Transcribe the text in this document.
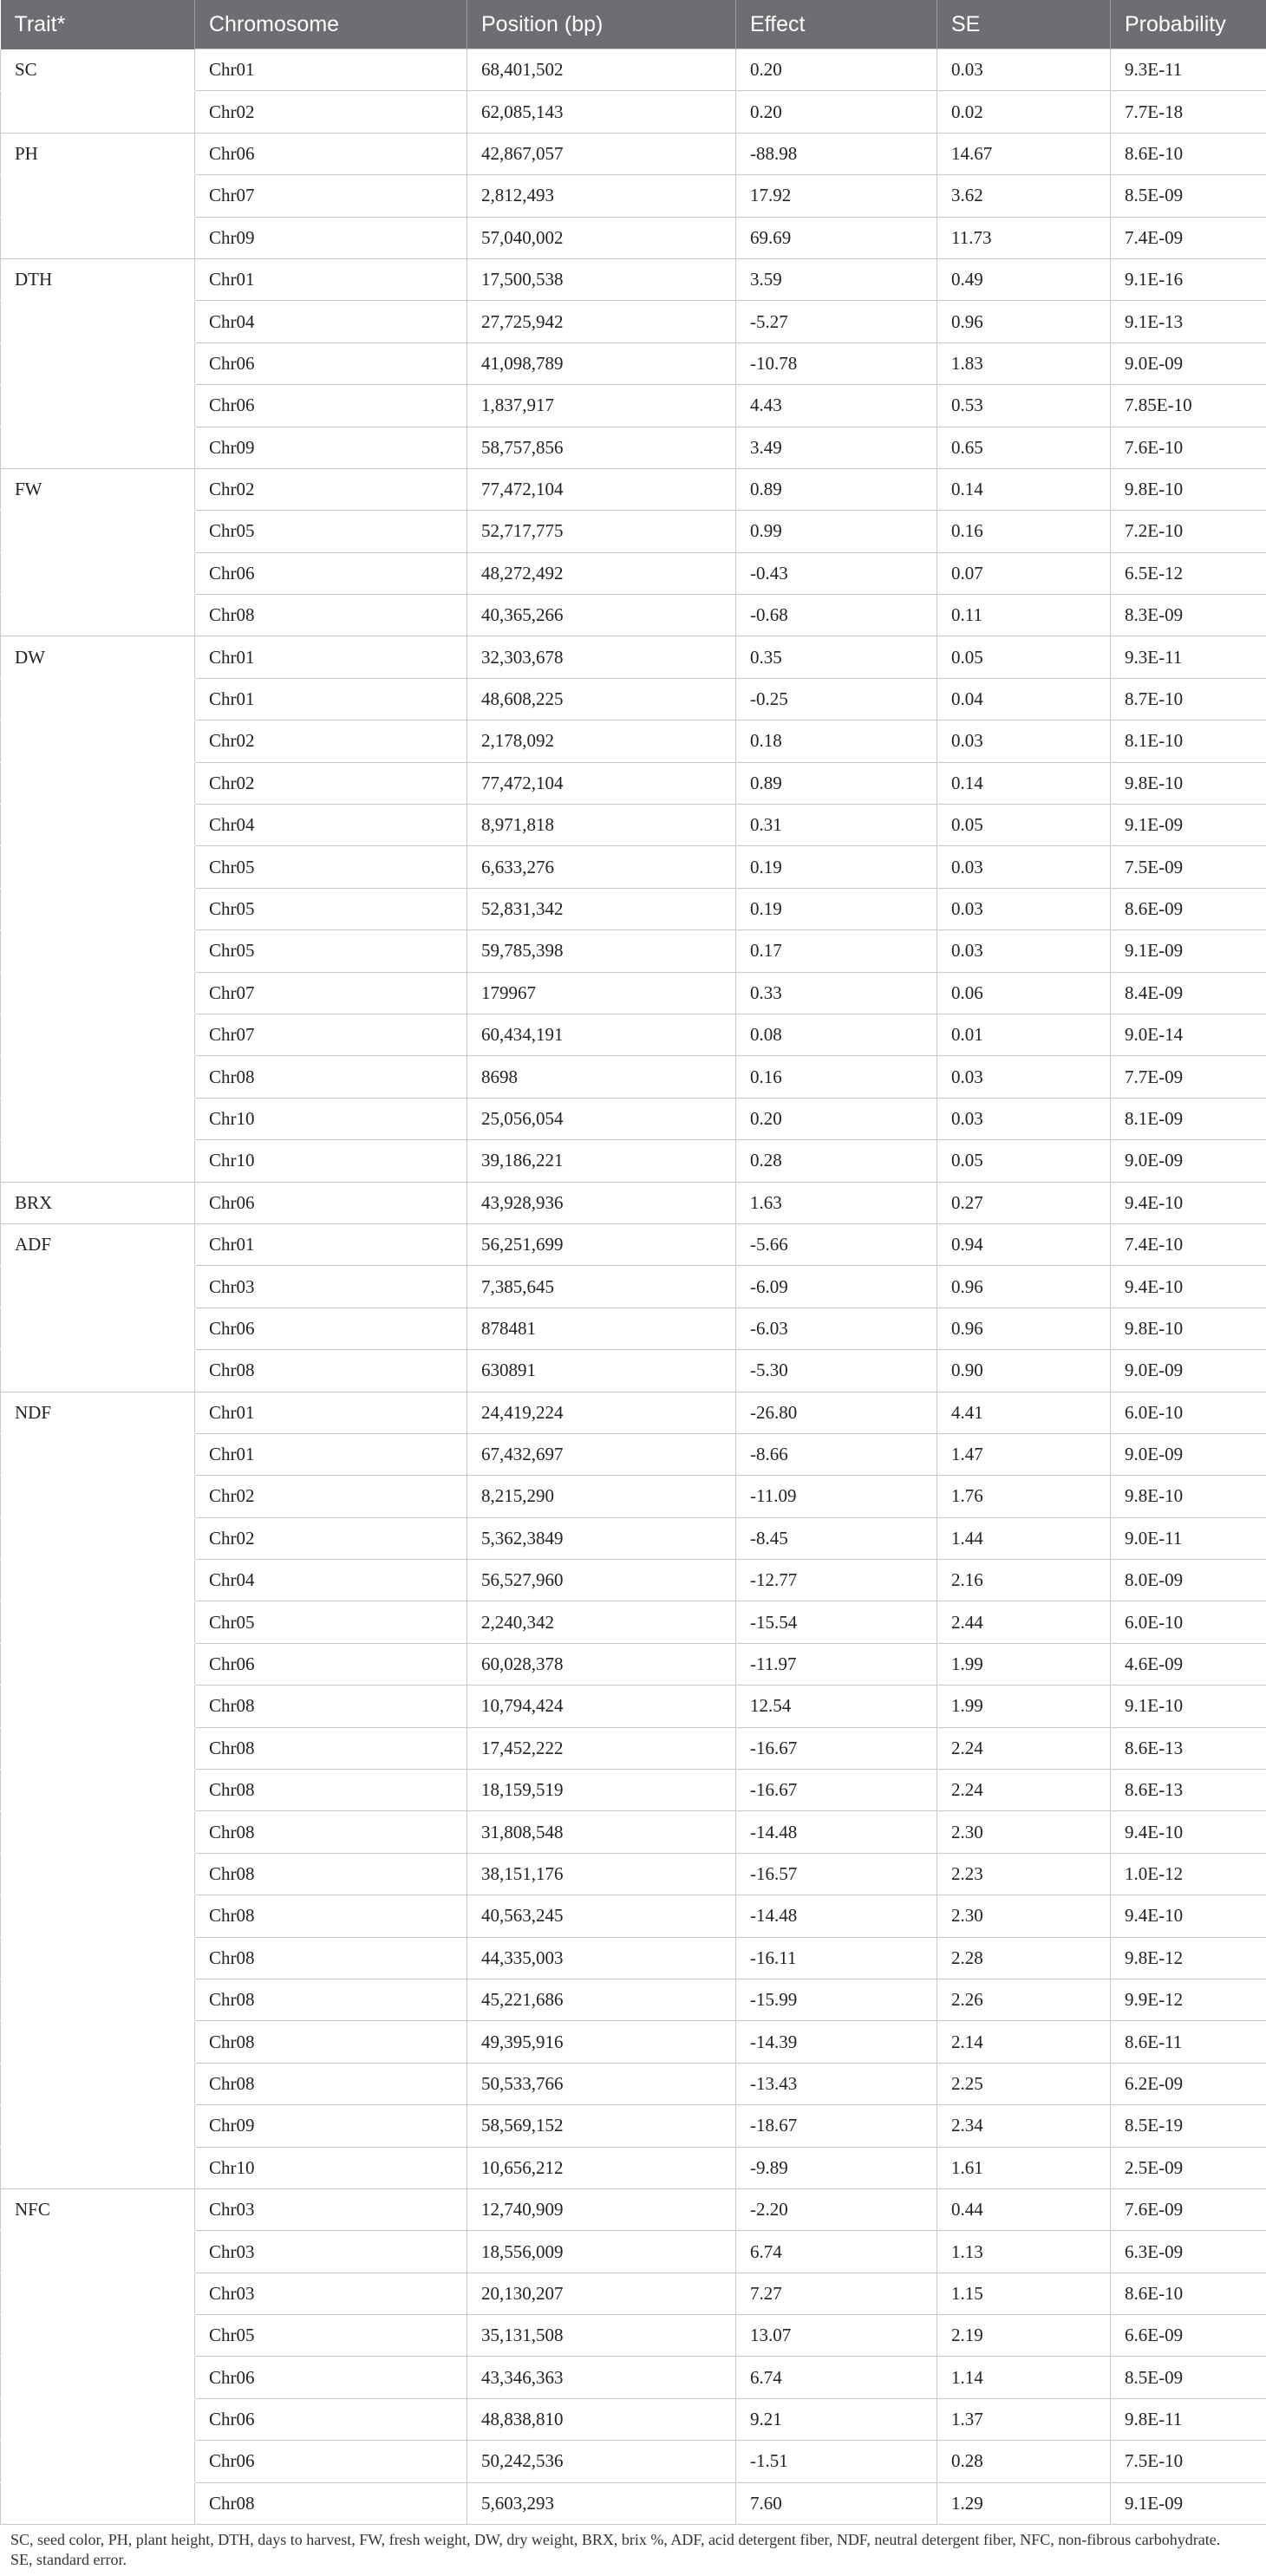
Trait*	Chromosome	Position (bp)	Effect	SE	Probability
SC	Chr01	68,401,502	0.20	0.03	9.3E-11
	Chr02	62,085,143	0.20	0.02	7.7E-18
PH	Chr06	42,867,057	-88.98	14.67	8.6E-10
	Chr07	2,812,493	17.92	3.62	8.5E-09
	Chr09	57,040,002	69.69	11.73	7.4E-09
DTH	Chr01	17,500,538	3.59	0.49	9.1E-16
	Chr04	27,725,942	-5.27	0.96	9.1E-13
	Chr06	41,098,789	-10.78	1.83	9.0E-09
	Chr06	1,837,917	4.43	0.53	7.85E-10
	Chr09	58,757,856	3.49	0.65	7.6E-10
FW	Chr02	77,472,104	0.89	0.14	9.8E-10
	Chr05	52,717,775	0.99	0.16	7.2E-10
	Chr06	48,272,492	-0.43	0.07	6.5E-12
	Chr08	40,365,266	-0.68	0.11	8.3E-09
DW	Chr01	32,303,678	0.35	0.05	9.3E-11
	Chr01	48,608,225	-0.25	0.04	8.7E-10
	Chr02	2,178,092	0.18	0.03	8.1E-10
	Chr02	77,472,104	0.89	0.14	9.8E-10
	Chr04	8,971,818	0.31	0.05	9.1E-09
	Chr05	6,633,276	0.19	0.03	7.5E-09
	Chr05	52,831,342	0.19	0.03	8.6E-09
	Chr05	59,785,398	0.17	0.03	9.1E-09
	Chr07	179967	0.33	0.06	8.4E-09
	Chr07	60,434,191	0.08	0.01	9.0E-14
	Chr08	8698	0.16	0.03	7.7E-09
	Chr10	25,056,054	0.20	0.03	8.1E-09
	Chr10	39,186,221	0.28	0.05	9.0E-09
BRX	Chr06	43,928,936	1.63	0.27	9.4E-10
ADF	Chr01	56,251,699	-5.66	0.94	7.4E-10
	Chr03	7,385,645	-6.09	0.96	9.4E-10
	Chr06	878481	-6.03	0.96	9.8E-10
	Chr08	630891	-5.30	0.90	9.0E-09
NDF	Chr01	24,419,224	-26.80	4.41	6.0E-10
	Chr01	67,432,697	-8.66	1.47	9.0E-09
	Chr02	8,215,290	-11.09	1.76	9.8E-10
	Chr02	5,362,3849	-8.45	1.44	9.0E-11
	Chr04	56,527,960	-12.77	2.16	8.0E-09
	Chr05	2,240,342	-15.54	2.44	6.0E-10
	Chr06	60,028,378	-11.97	1.99	4.6E-09
	Chr08	10,794,424	12.54	1.99	9.1E-10
	Chr08	17,452,222	-16.67	2.24	8.6E-13
	Chr08	18,159,519	-16.67	2.24	8.6E-13
	Chr08	31,808,548	-14.48	2.30	9.4E-10
	Chr08	38,151,176	-16.57	2.23	1.0E-12
	Chr08	40,563,245	-14.48	2.30	9.4E-10
	Chr08	44,335,003	-16.11	2.28	9.8E-12
	Chr08	45,221,686	-15.99	2.26	9.9E-12
	Chr08	49,395,916	-14.39	2.14	8.6E-11
	Chr08	50,533,766	-13.43	2.25	6.2E-09
	Chr09	58,569,152	-18.67	2.34	8.5E-19
	Chr10	10,656,212	-9.89	1.61	2.5E-09
NFC	Chr03	12,740,909	-2.20	0.44	7.6E-09
	Chr03	18,556,009	6.74	1.13	6.3E-09
	Chr03	20,130,207	7.27	1.15	8.6E-10
	Chr05	35,131,508	13.07	2.19	6.6E-09
	Chr06	43,346,363	6.74	1.14	8.5E-09
	Chr06	48,838,810	9.21	1.37	9.8E-11
	Chr06	50,242,536	-1.51	0.28	7.5E-10
	Chr08	5,603,293	7.60	1.29	9.1E-09
SC, seed color, PH, plant height, DTH, days to harvest, FW, fresh weight, DW, dry weight, BRX, brix %, ADF, acid detergent fiber, NDF, neutral detergent fiber, NFC, non-fibrous carbohydrate.
SE, standard error.
